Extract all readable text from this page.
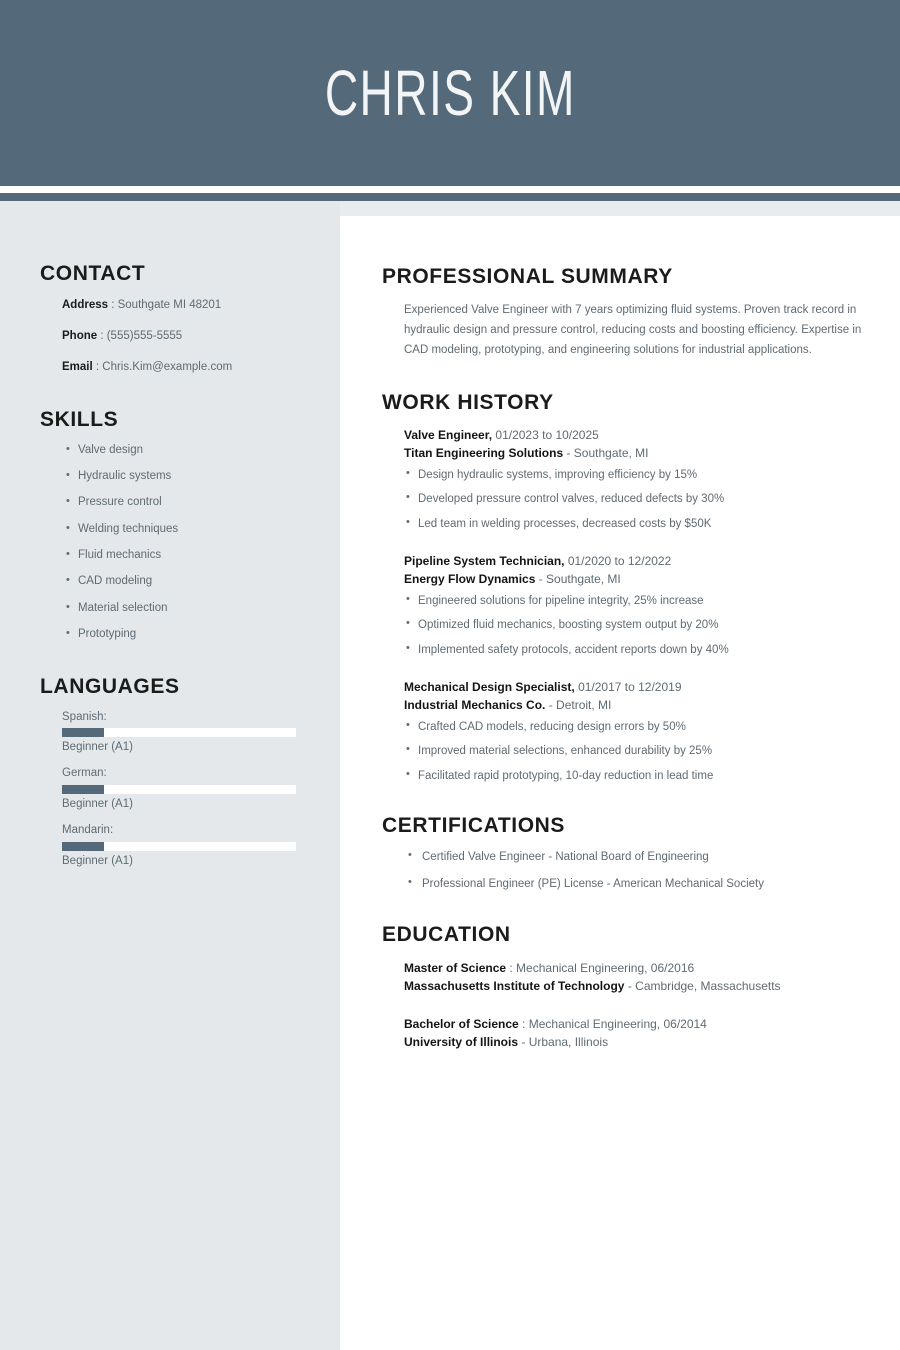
CHRIS KIM
CONTACT
Address : Southgate MI 48201
Phone : (555)555-5555
Email : Chris.Kim@example.com
SKILLS
• Valve design
• Hydraulic systems
• Pressure control
• Welding techniques
• Fluid mechanics
• CAD modeling
• Material selection
• Prototyping
LANGUAGES
Spanish:
Beginner (A1)
German:
Beginner (A1)
Mandarin:
Beginner (A1)
PROFESSIONAL SUMMARY

Experienced Valve Engineer with 7 years optimizing fluid systems. Proven track record in hydraulic design and pressure control, reducing costs and boosting efficiency. Expertise in CAD modeling, prototyping, and engineering solutions for industrial applications.

WORK HISTORY
Valve Engineer, 01/2023 to 10/2025
Titan Engineering Solutions - Southgate, MI
• Design hydraulic systems, improving efficiency by 15%
• Developed pressure control valves, reduced defects by 30%
• Led team in welding processes, decreased costs by $50K
Pipeline System Technician, 01/2020 to 12/2022
Energy Flow Dynamics - Southgate, MI
• Engineered solutions for pipeline integrity, 25% increase
• Optimized fluid mechanics, boosting system output by 20%
• Implemented safety protocols, accident reports down by 40%
Mechanical Design Specialist, 01/2017 to 12/2019
Industrial Mechanics Co. - Detroit, MI
• Crafted CAD models, reducing design errors by 50%
• Improved material selections, enhanced durability by 25%
• Facilitated rapid prototyping, 10-day reduction in lead time
CERTIFICATIONS
• Certified Valve Engineer - National Board of Engineering
• Professional Engineer (PE) License - American Mechanical Society
EDUCATION
Master of Science : Mechanical Engineering, 06/2016
Massachusetts Institute of Technology - Cambridge, Massachusetts
Bachelor of Science : Mechanical Engineering, 06/2014
University of Illinois - Urbana, Illinois
